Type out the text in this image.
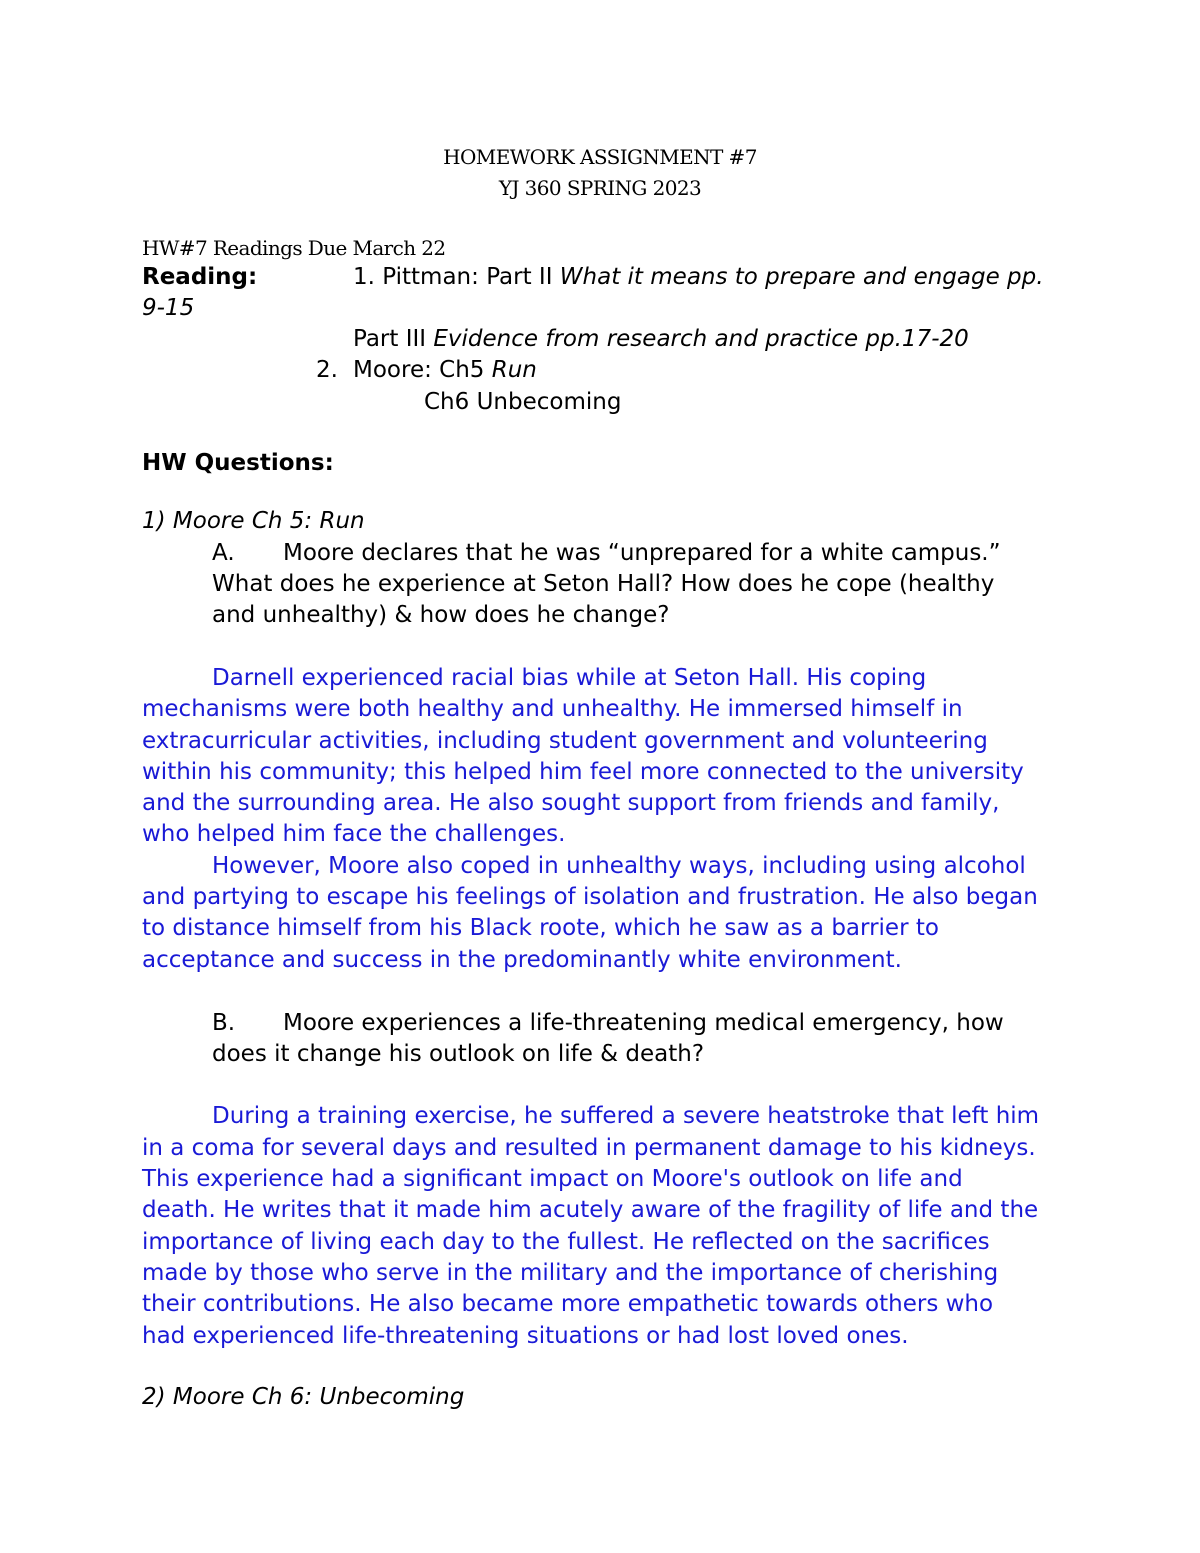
HOMEWORK ASSIGNMENT #7
YJ 360 SPRING 2023
HW#7 Readings Due March 22
Reading:	1. Pittman: Part II What it means to prepare and engage pp.
9-15
Part III Evidence from research and practice pp.17-20
2. Moore: Ch5 Run
Ch6 Unbecoming
HW Questions:
1) Moore Ch 5: Run
A. Moore declares that he was “unprepared for a white campus.”
What does he experience at Seton Hall? How does he cope (healthy
and unhealthy) & how does he change?
Darnell experienced racial bias while at Seton Hall. His coping
mechanisms were both healthy and unhealthy. He immersed himself in
extracurricular activities, including student government and volunteering
within his community; this helped him feel more connected to the university
and the surrounding area. He also sought support from friends and family,
who helped him face the challenges.
However, Moore also coped in unhealthy ways, including using alcohol
and partying to escape his feelings of isolation and frustration. He also began
to distance himself from his Black roote, which he saw as a barrier to
acceptance and success in the predominantly white environment.
B. Moore experiences a life-threatening medical emergency, how
does it change his outlook on life & death?
During a training exercise, he suffered a severe heatstroke that left him
in a coma for several days and resulted in permanent damage to his kidneys.
This experience had a significant impact on Moore's outlook on life and
death. He writes that it made him acutely aware of the fragility of life and the
importance of living each day to the fullest. He reflected on the sacrifices
made by those who serve in the military and the importance of cherishing
their contributions. He also became more empathetic towards others who
had experienced life-threatening situations or had lost loved ones.
2) Moore Ch 6: Unbecoming
